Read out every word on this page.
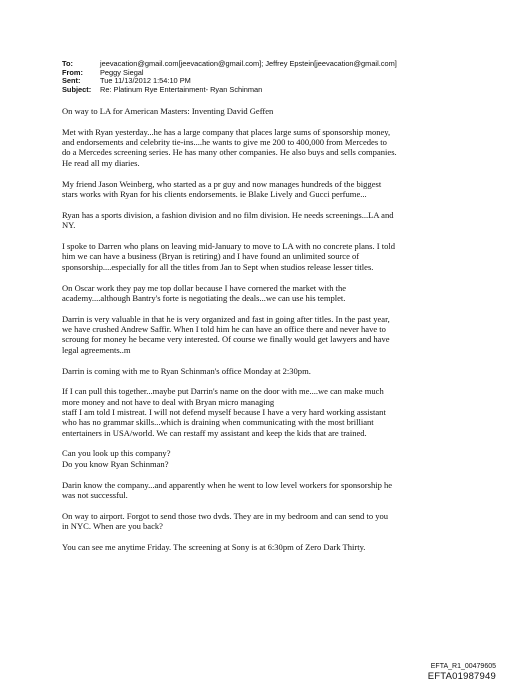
To:	jeevacation@gmail.com[jeevacation@gmail.com]; Jeffrey Epstein[jeevacation@gmail.com]
From:	Peggy Siegal
Sent:	Tue 11/13/2012 1:54:10 PM
Subject:	Re: Platinum Rye Entertainment- Ryan Schinman

On way to LA for American Masters: Inventing David Geffen

Met with Ryan yesterday...he has a large company that places large sums of sponsorship money,
and endorsements and celebrity tie-ins....he wants to give me 200 to 400,000 from Mercedes to
do a Mercedes screening series. He has many other companies. He also buys and sells companies.
He read all my diaries.

My friend Jason Weinberg, who started as a pr guy and now manages hundreds of the biggest
stars works with Ryan for his clients endorsements. ie Blake Lively and Gucci perfume...

Ryan has a sports division, a fashion division and no film division. He needs screenings...LA and
NY.

I spoke to Darren who plans on leaving mid-January to move to LA with no concrete plans. I told
him we can have a business (Bryan is retiring) and I have found an unlimited source of
sponsorship....especially for all the titles from Jan to Sept when studios release lesser titles.

On Oscar work they pay me top dollar because I have cornered the market with the
academy....although Bantry's forte is negotiating the deals...we can use his templet.

Darrin is very valuable in that he is very organized and fast in going after titles. In the past year,
we have crushed Andrew Saffir. When I told him he can have an office there and never have to
scroung for money he became very interested. Of course we finally would get lawyers and have
legal agreements..m

Darrin is coming with me to Ryan Schinman's office Monday at 2:30pm.

If I can pull this together...maybe put Darrin's name on the door with me....we can make much
more money and not have to deal with Bryan micro managing
staff I am told I mistreat. I will not defend myself because I have a very hard working assistant
who has no grammar skills...which is draining when communicating with the most brilliant
entertainers in USA/world. We can restaff my assistant and keep the kids that are trained.

Can you look up this company?
Do you know Ryan Schinman?

Darin know the company...and apparently when he went to low level workers for sponsorship he
was not successful.

On way to airport. Forgot to send those two dvds. They are in my bedroom and can send to you
in NYC. When are you back?

You can see me anytime Friday. The screening at Sony is at 6:30pm of Zero Dark Thirty.

EFTA_R1_00479605
EFTA01987949
